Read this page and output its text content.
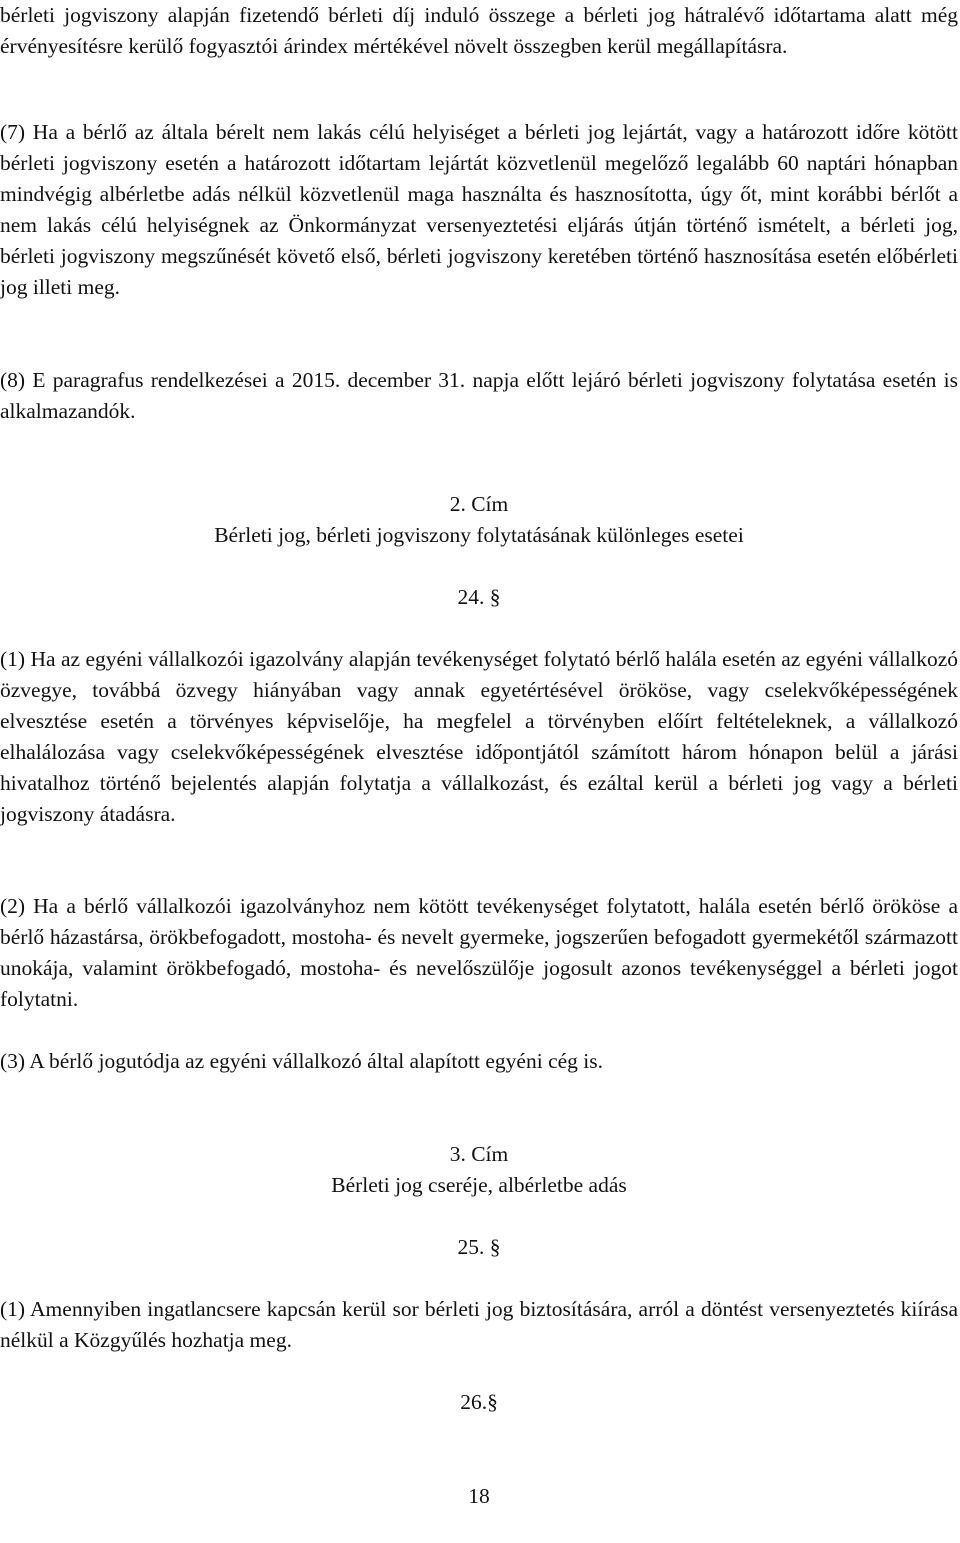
bérleti jogviszony alapján fizetendő bérleti díj induló összege a bérleti jog hátralévő időtartama alatt még érvényesítésre kerülő fogyasztói árindex mértékével növelt összegben kerül megállapításra.

(7) Ha a bérlő az általa bérelt nem lakás célú helyiséget a bérleti jog lejártát, vagy a határozott időre kötött bérleti jogviszony esetén a határozott időtartam lejártát közvetlenül megelőző legalább 60 naptári hónapban mindvégig albérletbe adás nélkül közvetlenül maga használta és hasznosította, úgy őt, mint korábbi bérlőt a nem lakás célú helyiségnek az Önkormányzat versenyeztetési eljárás útján történő ismételt, a bérleti jog, bérleti jogviszony megszűnését követő első, bérleti jogviszony keretében történő hasznosítása esetén előbérleti jog illeti meg.

(8) E paragrafus rendelkezései a 2015. december 31. napja előtt lejáró bérleti jogviszony folytatása esetén is alkalmazandók.

2. Cím
Bérleti jog, bérleti jogviszony folytatásának különleges esetei
24. §

(1) Ha az egyéni vállalkozói igazolvány alapján tevékenységet folytató bérlő halála esetén az egyéni vállalkozó özvegye, továbbá özvegy hiányában vagy annak egyetértésével örököse, vagy cselekvőképességének elvesztése esetén a törvényes képviselője, ha megfelel a törvényben előírt feltételeknek, a vállalkozó elhalálozása vagy cselekvőképességének elvesztése időpontjától számított három hónapon belül a járási hivatalhoz történő bejelentés alapján folytatja a vállalkozást, és ezáltal kerül a bérleti jog vagy a bérleti jogviszony átadásra.

(2) Ha a bérlő vállalkozói igazolványhoz nem kötött tevékenységet folytatott, halála esetén bérlő örököse a bérlő házastársa, örökbefogadott, mostoha- és nevelt gyermeke, jogszerűen befogadott gyermekétől származott unokája, valamint örökbefogadó, mostoha- és nevelőszülője jogosult azonos tevékenységgel a bérleti jogot folytatni.

(3) A bérlő jogutódja az egyéni vállalkozó által alapított egyéni cég is.

3. Cím
Bérleti jog cseréje, albérletbe adás
25. §

(1) Amennyiben ingatlancsere kapcsán kerül sor bérleti jog biztosítására, arról a döntést versenyeztetés kiírása nélkül a Közgyűlés hozhatja meg.

26.§
18
